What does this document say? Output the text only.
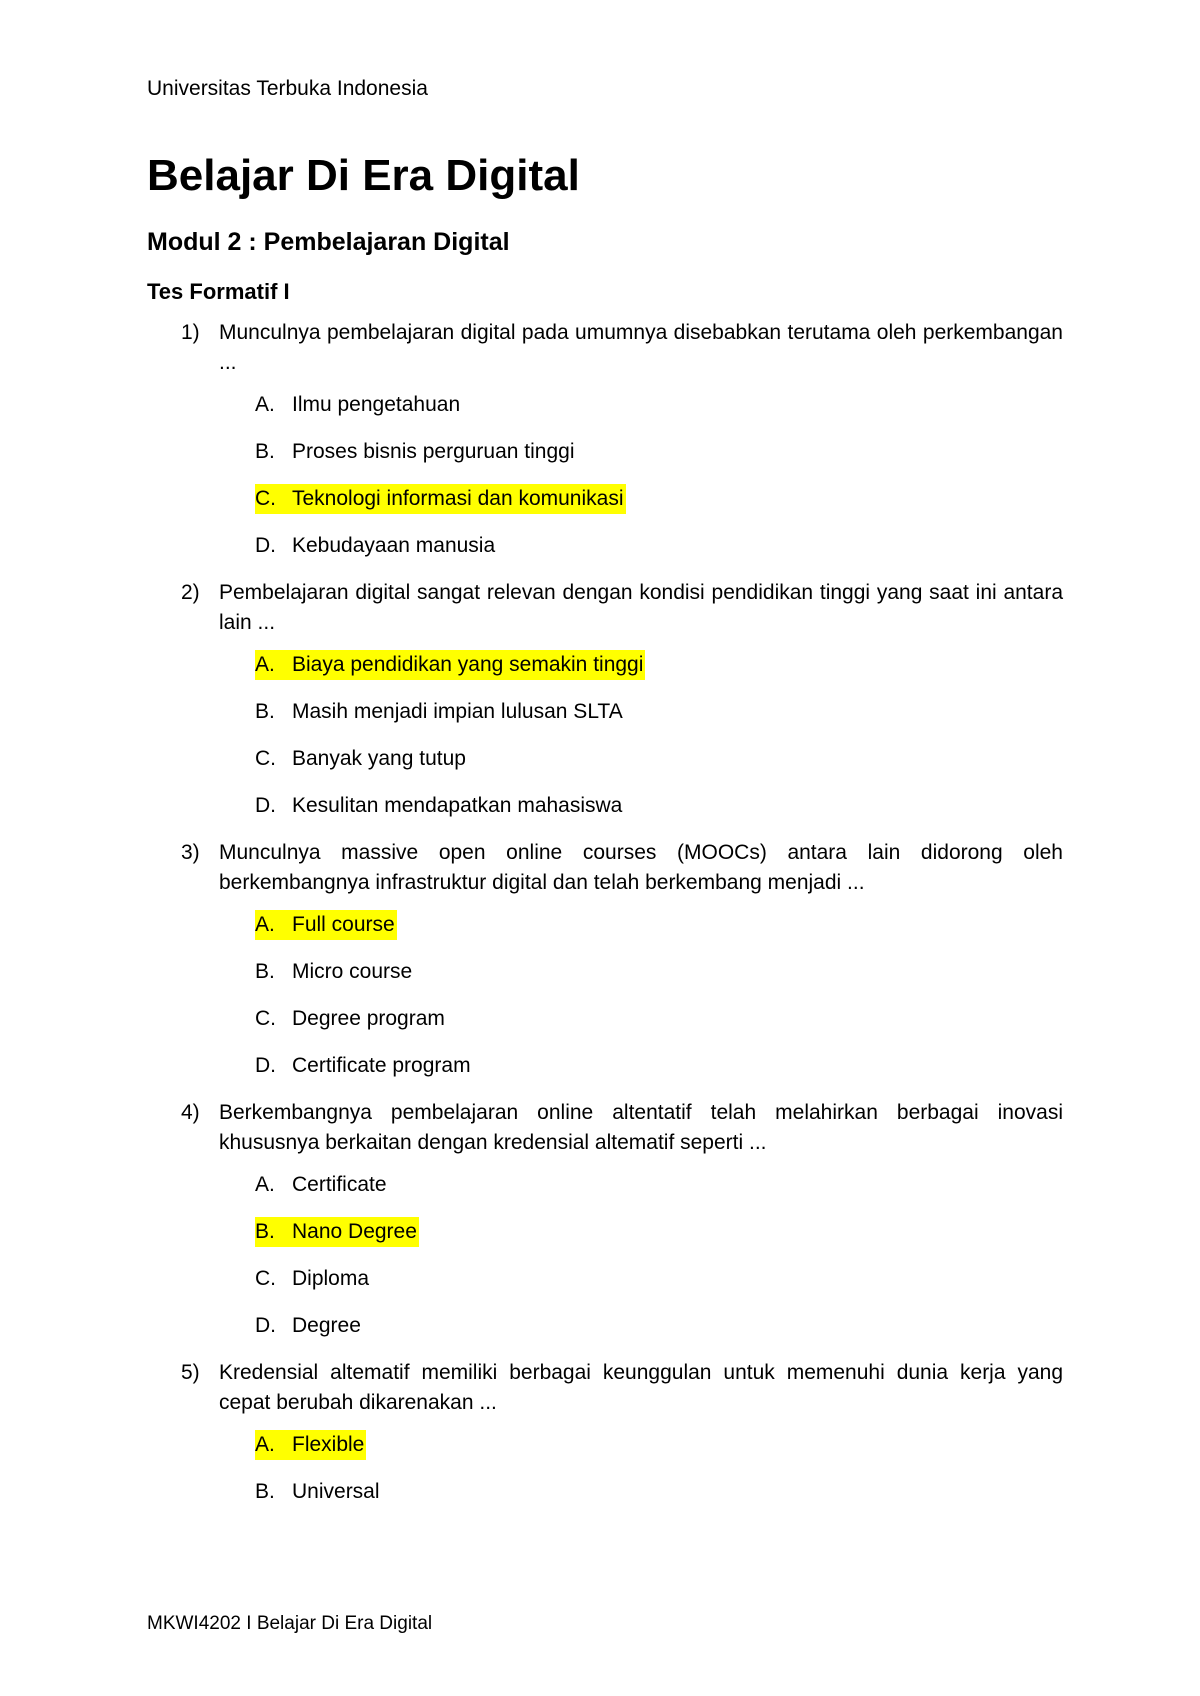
Universitas Terbuka Indonesia
Belajar Di Era Digital
Modul 2 : Pembelajaran Digital
Tes Formatif I
1) Munculnya pembelajaran digital pada umumnya disebabkan terutama oleh perkembangan ...
A. Ilmu pengetahuan
B. Proses bisnis perguruan tinggi
C. Teknologi informasi dan komunikasi
D. Kebudayaan manusia
2) Pembelajaran digital sangat relevan dengan kondisi pendidikan tinggi yang saat ini antara lain ...
A. Biaya pendidikan yang semakin tinggi
B. Masih menjadi impian lulusan SLTA
C. Banyak yang tutup
D. Kesulitan mendapatkan mahasiswa
3) Munculnya massive open online courses (MOOCs) antara lain didorong oleh berkembangnya infrastruktur digital dan telah berkembang menjadi ...
A. Full course
B. Micro course
C. Degree program
D. Certificate program
4) Berkembangnya pembelajaran online altentatif telah melahirkan berbagai inovasi khususnya berkaitan dengan kredensial altematif seperti ...
A. Certificate
B. Nano Degree
C. Diploma
D. Degree
5) Kredensial altematif memiliki berbagai keunggulan untuk memenuhi dunia kerja yang cepat berubah dikarenakan ...
A. Flexible
B. Universal
MKWI4202 I Belajar Di Era Digital
